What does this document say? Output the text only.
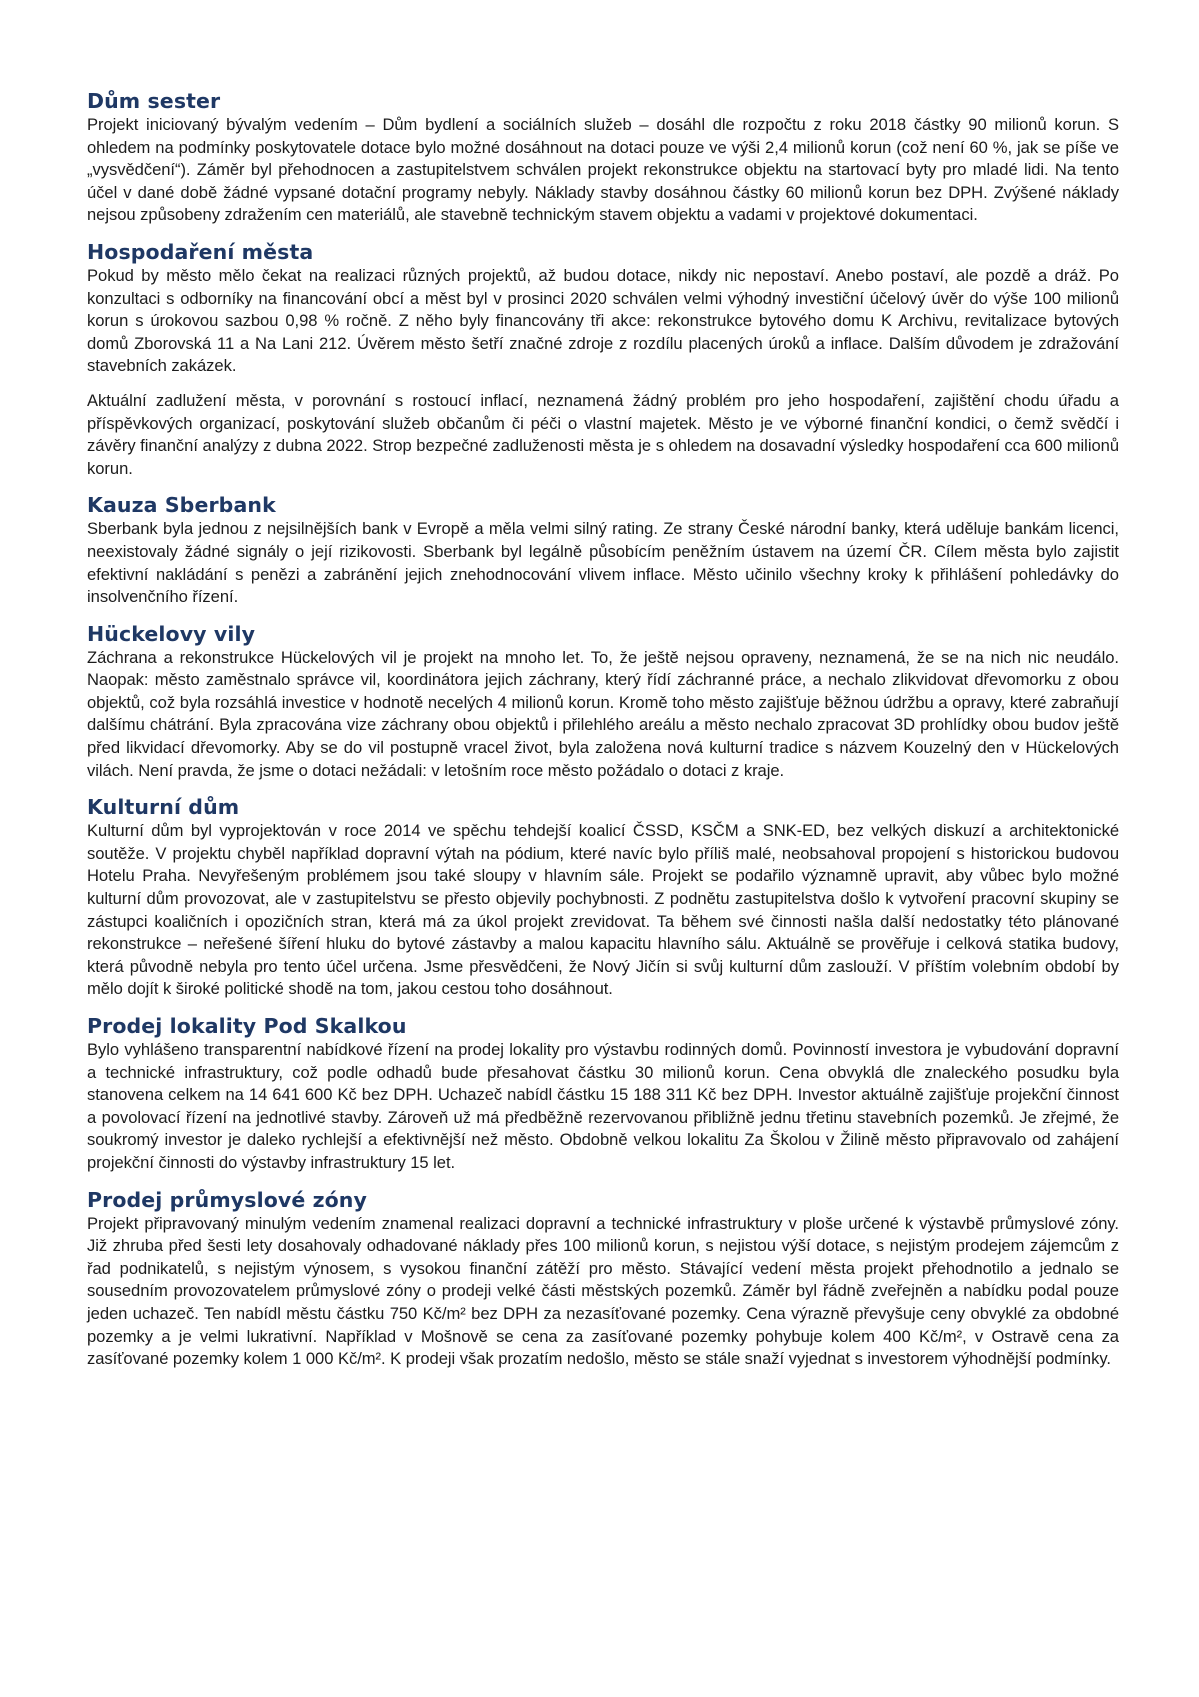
Dům sester

Projekt iniciovaný bývalým vedením – Dům bydlení a sociálních služeb – dosáhl dle rozpočtu z roku 2018 částky 90 milionů korun. S ohledem na podmínky poskytovatele dotace bylo možné dosáhnout na dotaci pouze ve výši 2,4 milionů korun (což není 60 %, jak se píše ve „vysvědčení“). Záměr byl přehodnocen a zastupitelstvem schválen projekt rekonstrukce objektu na startovací byty pro mladé lidi. Na tento účel v dané době žádné vypsané dotační programy nebyly. Náklady stavby dosáhnou částky 60 milionů korun bez DPH. Zvýšené náklady nejsou způsobeny zdražením cen materiálů, ale stavebně technickým stavem objektu a vadami v projektové dokumentaci.

Hospodaření města

Pokud by město mělo čekat na realizaci různých projektů, až budou dotace, nikdy nic nepostaví. Anebo postaví, ale pozdě a dráž. Po konzultaci s odborníky na financování obcí a měst byl v prosinci 2020 schválen velmi výhodný investiční účelový úvěr do výše 100 milionů korun s úrokovou sazbou 0,98 % ročně. Z něho byly financovány tři akce: rekonstrukce bytového domu K Archivu, revitalizace bytových domů Zborovská 11 a Na Lani 212. Úvěrem město šetří značné zdroje z rozdílu placených úroků a inflace. Dalším důvodem je zdražování stavebních zakázek.

Aktuální zadlužení města, v porovnání s rostoucí inflací, neznamená žádný problém pro jeho hospodaření, zajištění chodu úřadu a příspěvkových organizací, poskytování služeb občanům či péči o vlastní majetek. Město je ve výborné finanční kondici, o čemž svědčí i závěry finanční analýzy z dubna 2022. Strop bezpečné zadluženosti města je s ohledem na dosavadní výsledky hospodaření cca 600 milionů korun.

Kauza Sberbank

Sberbank byla jednou z nejsilnějších bank v Evropě a měla velmi silný rating. Ze strany České národní banky, která uděluje bankám licenci, neexistovaly žádné signály o její rizikovosti. Sberbank byl legálně působícím peněžním ústavem na území ČR. Cílem města bylo zajistit efektivní nakládání s penězi a zabránění jejich znehodnocování vlivem inflace. Město učinilo všechny kroky k přihlášení pohledávky do insolvenčního řízení.

Hückelovy vily

Záchrana a rekonstrukce Hückelových vil je projekt na mnoho let. To, že ještě nejsou opraveny, neznamená, že se na nich nic neudálo. Naopak: město zaměstnalo správce vil, koordinátora jejich záchrany, který řídí záchranné práce, a nechalo zlikvidovat dřevomorku z obou objektů, což byla rozsáhlá investice v hodnotě necelých 4 milionů korun. Kromě toho město zajišťuje běžnou údržbu a opravy, které zabraňují dalšímu chátrání. Byla zpracována vize záchrany obou objektů i přilehlého areálu a město nechalo zpracovat 3D prohlídky obou budov ještě před likvidací dřevomorky. Aby se do vil postupně vracel život, byla založena nová kulturní tradice s názvem Kouzelný den v Hückelových vilách. Není pravda, že jsme o dotaci nežádali: v letošním roce město požádalo o dotaci z kraje.

Kulturní dům

Kulturní dům byl vyprojektován v roce 2014 ve spěchu tehdejší koalicí ČSSD, KSČM a SNK-ED, bez velkých diskuzí a architektonické soutěže. V projektu chyběl například dopravní výtah na pódium, které navíc bylo příliš malé, neobsahoval propojení s historickou budovou Hotelu Praha. Nevyřešeným problémem jsou také sloupy v hlavním sále. Projekt se podařilo významně upravit, aby vůbec bylo možné kulturní dům provozovat, ale v zastupitelstvu se přesto objevily pochybnosti. Z podnětu zastupitelstva došlo k vytvoření pracovní skupiny se zástupci koaličních i opozičních stran, která má za úkol projekt zrevidovat. Ta během své činnosti našla další nedostatky této plánované rekonstrukce – neřešené šíření hluku do bytové zástavby a malou kapacitu hlavního sálu. Aktuálně se prověřuje i celková statika budovy, která původně nebyla pro tento účel určena. Jsme přesvědčeni, že Nový Jičín si svůj kulturní dům zaslouží. V příštím volebním období by mělo dojít k široké politické shodě na tom, jakou cestou toho dosáhnout.

Prodej lokality Pod Skalkou

Bylo vyhlášeno transparentní nabídkové řízení na prodej lokality pro výstavbu rodinných domů. Povinností investora je vybudování dopravní a technické infrastruktury, což podle odhadů bude přesahovat částku 30 milionů korun. Cena obvyklá dle znaleckého posudku byla stanovena celkem na 14 641 600 Kč bez DPH. Uchazeč nabídl částku 15 188 311 Kč bez DPH. Investor aktuálně zajišťuje projekční činnost a povolovací řízení na jednotlivé stavby. Zároveň už má předběžně rezervovanou přibližně jednu třetinu stavebních pozemků. Je zřejmé, že soukromý investor je daleko rychlejší a efektivnější než město. Obdobně velkou lokalitu Za Školou v Žilině město připravovalo od zahájení projekční činnosti do výstavby infrastruktury 15 let.

Prodej průmyslové zóny

Projekt připravovaný minulým vedením znamenal realizaci dopravní a technické infrastruktury v ploše určené k výstavbě průmyslové zóny. Již zhruba před šesti lety dosahovaly odhadované náklady přes 100 milionů korun, s nejistou výší dotace, s nejistým prodejem zájemcům z řad podnikatelů, s nejistým výnosem, s vysokou finanční zátěží pro město. Stávající vedení města projekt přehodnotilo a jednalo se sousedním provozovatelem průmyslové zóny o prodeji velké části městských pozemků. Záměr byl řádně zveřejněn a nabídku podal pouze jeden uchazeč. Ten nabídl městu částku 750 Kč/m² bez DPH za nezasíťované pozemky. Cena výrazně převyšuje ceny obvyklé za obdobné pozemky a je velmi lukrativní. Například v Mošnově se cena za zasíťované pozemky pohybuje kolem 400 Kč/m², v Ostravě cena za zasíťované pozemky kolem 1 000 Kč/m². K prodeji však prozatím nedošlo, město se stále snaží vyjednat s investorem výhodnější podmínky.
